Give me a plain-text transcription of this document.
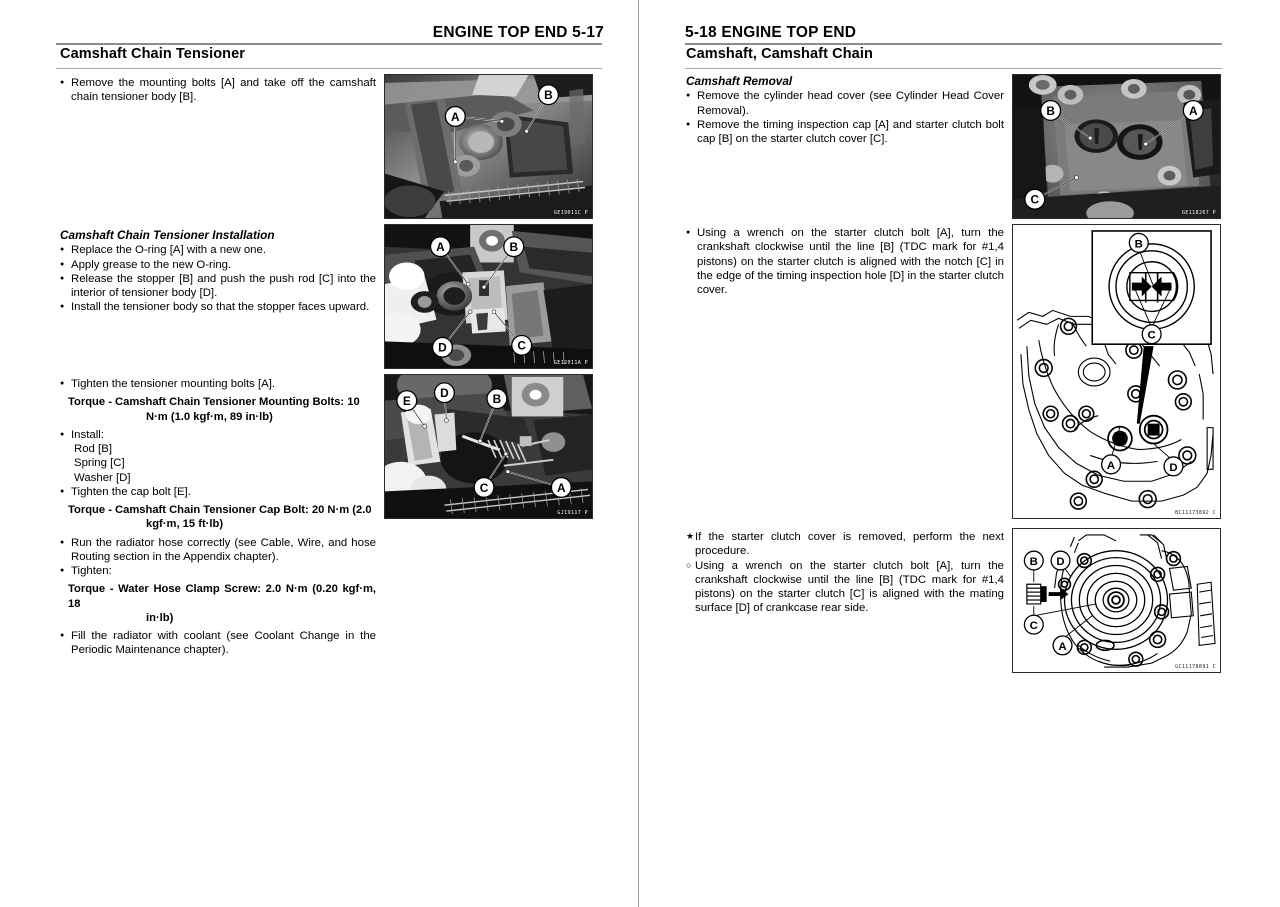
ENGINE TOP END 5-17
Camshaft Chain Tensioner
●
Remove the mounting bolts [A] and take off the camshaft chain tensioner body [B].
Camshaft Chain Tensioner Installation
●
Replace the O-ring [A] with a new one.
●
Apply grease to the new O-ring.
●
Release the stopper [B] and push the push rod [C] into the interior of tensioner body [D].
●
Install the tensioner body so that the stopper faces upward.
●
Tighten the tensioner mounting bolts [A].
Torque - Camshaft Chain Tensioner Mounting Bolts: 10
N·m (1.0 kgf·m, 89 in·lb)
●
Install:
Rod [B]
Spring [C]
Washer [D]
●
Tighten the cap bolt [E].
Torque - Camshaft Chain Tensioner Cap Bolt: 20 N·m (2.0
kgf·m, 15 ft·lb)
●
Run the radiator hose correctly (see Cable, Wire, and hose Routing section in the Appendix chapter).
●
Tighten:
Torque - Water Hose Clamp Screw: 2.0 N·m (0.20 kgf·m, 18
in·lb)
●
Fill the radiator with coolant (see Coolant Change in the Periodic Maintenance chapter).
A
B
GE19011C P
A	B
D	C
GE12011A P
E
D	B
C	A
GJ19117 P
5-18 ENGINE TOP END
Camshaft, Camshaft Chain
Camshaft Removal
●
Remove the cylinder head cover (see Cylinder Head Cover Removal).
●
Remove the timing inspection cap [A] and starter clutch bolt cap [B] on the starter clutch cover [C].
●
Using a wrench on the starter clutch bolt [A], turn the crankshaft clockwise until the line [B] (TDC mark for #1,4 pistons) on the starter clutch is aligned with the notch [C] in the edge of the timing inspection hole [D] in the starter clutch cover.
★
If the starter clutch cover is removed, perform the next procedure.
○
Using a wrench on the starter clutch bolt [A], turn the crankshaft clockwise until the line [B] (TDC mark for #1,4 pistons) on the starter clutch [C] is aligned with the mating surface [D] of crankcase rear side.
B	A
C
GE118267 P
B
C
A	D
BC11173892 C
B D
C
A
GC11178891 C
